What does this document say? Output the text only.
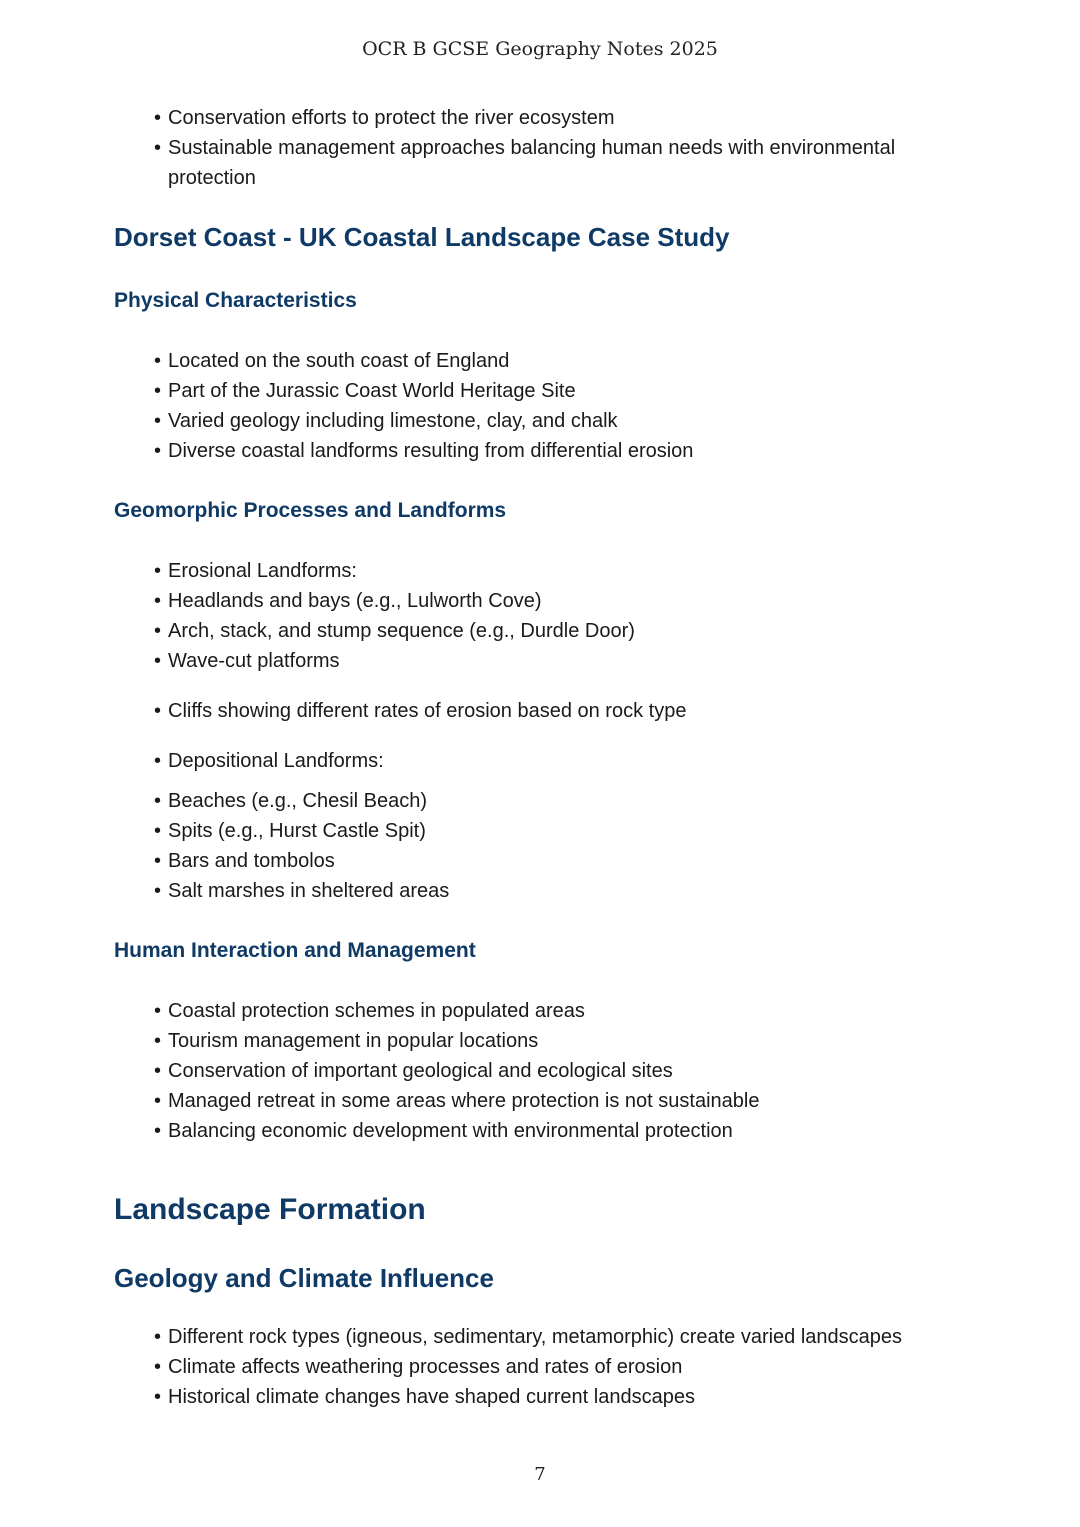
OCR B GCSE Geography Notes 2025
• Conservation efforts to protect the river ecosystem
• Sustainable management approaches balancing human needs with environmental protection
Dorset Coast - UK Coastal Landscape Case Study
Physical Characteristics
• Located on the south coast of England
• Part of the Jurassic Coast World Heritage Site
• Varied geology including limestone, clay, and chalk
• Diverse coastal landforms resulting from differential erosion
Geomorphic Processes and Landforms
• Erosional Landforms:
• Headlands and bays (e.g., Lulworth Cove)
• Arch, stack, and stump sequence (e.g., Durdle Door)
• Wave-cut platforms
• Cliffs showing different rates of erosion based on rock type
• Depositional Landforms:
• Beaches (e.g., Chesil Beach)
• Spits (e.g., Hurst Castle Spit)
• Bars and tombolos
• Salt marshes in sheltered areas
Human Interaction and Management
• Coastal protection schemes in populated areas
• Tourism management in popular locations
• Conservation of important geological and ecological sites
• Managed retreat in some areas where protection is not sustainable
• Balancing economic development with environmental protection
Landscape Formation
Geology and Climate Influence
• Different rock types (igneous, sedimentary, metamorphic) create varied landscapes
• Climate affects weathering processes and rates of erosion
• Historical climate changes have shaped current landscapes
7
